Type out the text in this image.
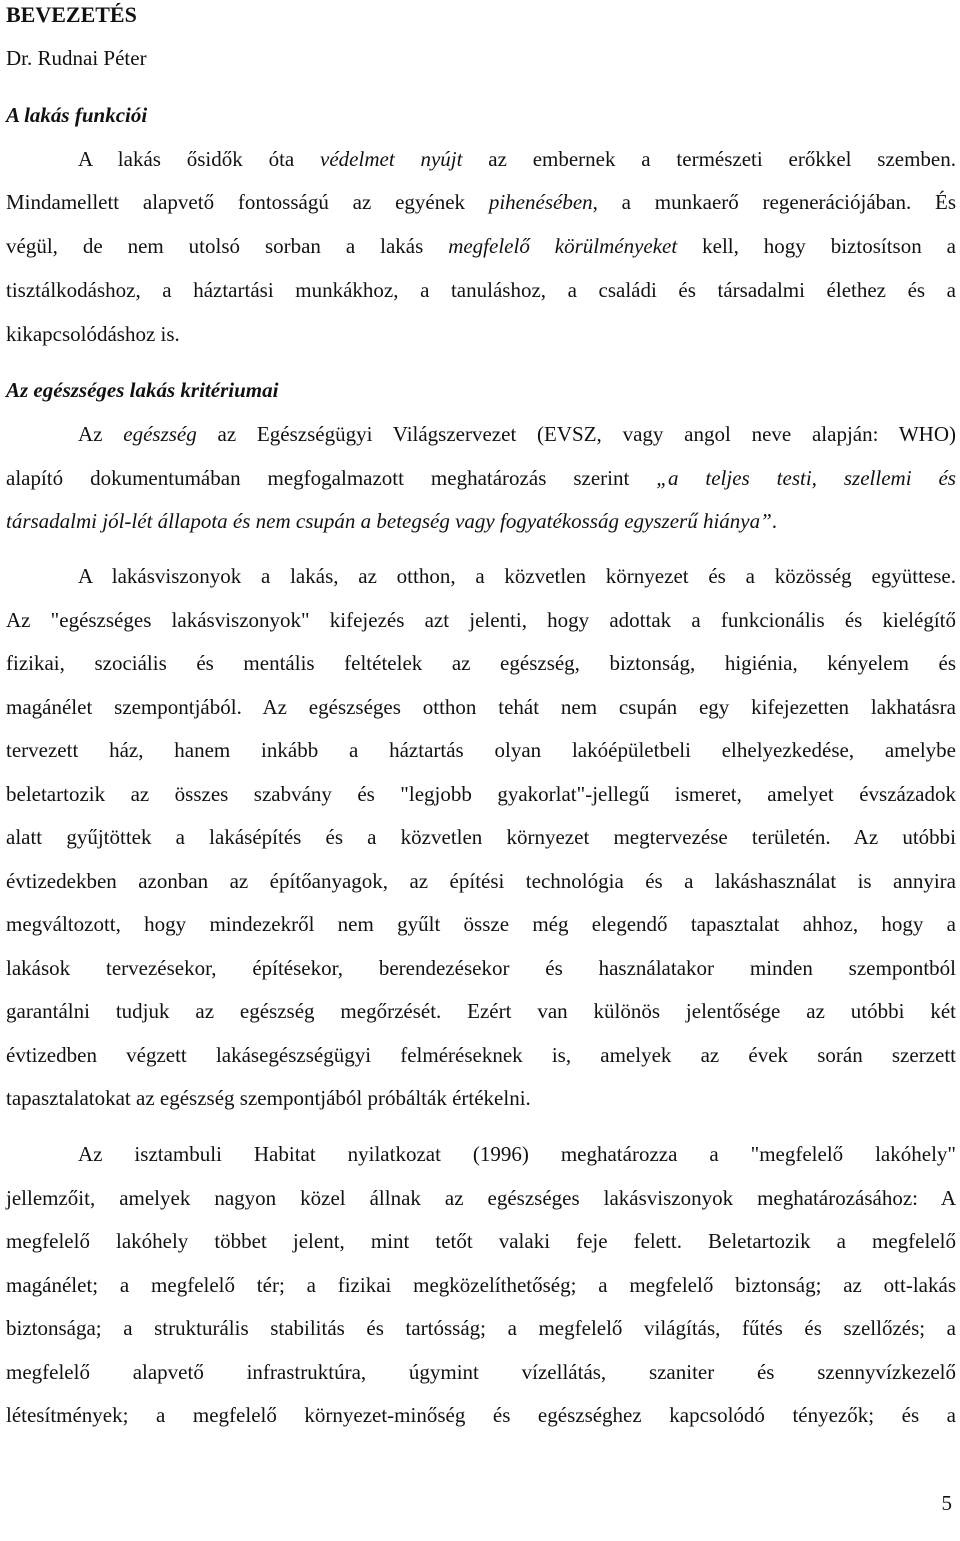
BEVEZETÉS
Dr. Rudnai Péter
A lakás funkciói
A lakás ősidők óta védelmet nyújt az embernek a természeti erőkkel szemben.
Mindamellett alapvető fontosságú az egyének pihenésében, a munkaerő regenerációjában. És
végül, de nem utolsó sorban a lakás megfelelő körülményeket kell, hogy biztosítson a
tisztálkodáshoz, a háztartási munkákhoz, a tanuláshoz, a családi és társadalmi élethez és a
kikapcsolódáshoz is.
Az egészséges lakás kritériumai
Az egészség az Egészségügyi Világszervezet (EVSZ, vagy angol neve alapján: WHO)
alapító dokumentumában megfogalmazott meghatározás szerint „a teljes testi, szellemi és
társadalmi jól-lét állapota és nem csupán a betegség vagy fogyatékosság egyszerű hiánya”.
A lakásviszonyok a lakás, az otthon, a közvetlen környezet és a közösség együttese.
Az "egészséges lakásviszonyok" kifejezés azt jelenti, hogy adottak a funkcionális és kielégítő
fizikai, szociális és mentális feltételek az egészség, biztonság, higiénia, kényelem és
magánélet szempontjából. Az egészséges otthon tehát nem csupán egy kifejezetten lakhatásra
tervezett ház, hanem inkább a háztartás olyan lakóépületbeli elhelyezkedése, amelybe
beletartozik az összes szabvány és "legjobb gyakorlat"-jellegű ismeret, amelyet évszázadok
alatt gyűjtöttek a lakásépítés és a közvetlen környezet megtervezése területén. Az utóbbi
évtizedekben azonban az építőanyagok, az építési technológia és a lakáshasználat is annyira
megváltozott, hogy mindezekről nem gyűlt össze még elegendő tapasztalat ahhoz, hogy a
lakások tervezésekor, építésekor, berendezésekor és használatakor minden szempontból
garantálni tudjuk az egészség megőrzését. Ezért van különös jelentősége az utóbbi két
évtizedben végzett lakásegészségügyi felméréseknek is, amelyek az évek során szerzett
tapasztalatokat az egészség szempontjából próbálták értékelni.
Az isztambuli Habitat nyilatkozat (1996) meghatározza a "megfelelő lakóhely"
jellemzőit, amelyek nagyon közel állnak az egészséges lakásviszonyok meghatározásához: A
megfelelő lakóhely többet jelent, mint tetőt valaki feje felett. Beletartozik a megfelelő
magánélet; a megfelelő tér; a fizikai megközelíthetőség; a megfelelő biztonság; az ott-lakás
biztonsága; a strukturális stabilitás és tartósság; a megfelelő világítás, fűtés és szellőzés; a
megfelelő alapvető infrastruktúra, úgymint vízellátás, szaniter és szennyvízkezelő
létesítmények; a megfelelő környezet-minőség és egészséghez kapcsolódó tényezők; és a
5
